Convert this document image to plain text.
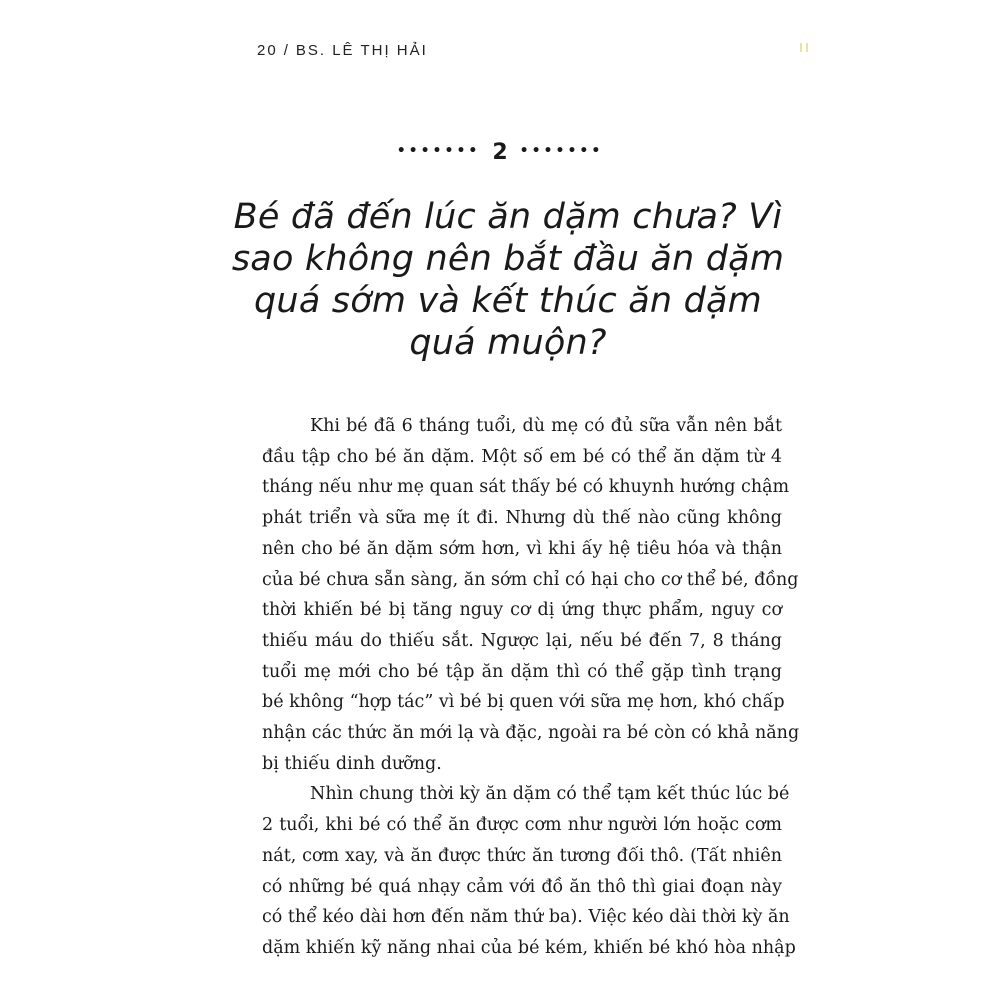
20 / BS. LÊ THỊ HẢI
••••••• 2 •••••••
Bé đã đến lúc ăn dặm chưa? Vì
sao không nên bắt đầu ăn dặm
quá sớm và kết thúc ăn dặm
quá muộn?
Khi bé đã 6 tháng tuổi, dù mẹ có đủ sữa vẫn nên bắt
đầu tập cho bé ăn dặm. Một số em bé có thể ăn dặm từ 4
tháng nếu như mẹ quan sát thấy bé có khuynh hướng chậm
phát triển và sữa mẹ ít đi. Nhưng dù thế nào cũng không
nên cho bé ăn dặm sớm hơn, vì khi ấy hệ tiêu hóa và thận
của bé chưa sẵn sàng, ăn sớm chỉ có hại cho cơ thể bé, đồng
thời khiến bé bị tăng nguy cơ dị ứng thực phẩm, nguy cơ
thiếu máu do thiếu sắt. Ngược lại, nếu bé đến 7, 8 tháng
tuổi mẹ mới cho bé tập ăn dặm thì có thể gặp tình trạng
bé không “hợp tác” vì bé bị quen với sữa mẹ hơn, khó chấp
nhận các thức ăn mới lạ và đặc, ngoài ra bé còn có khả năng
bị thiếu dinh dưỡng.
Nhìn chung thời kỳ ăn dặm có thể tạm kết thúc lúc bé
2 tuổi, khi bé có thể ăn được cơm như người lớn hoặc cơm
nát, cơm xay, và ăn được thức ăn tương đối thô. (Tất nhiên
có những bé quá nhạy cảm với đồ ăn thô thì giai đoạn này
có thể kéo dài hơn đến năm thứ ba). Việc kéo dài thời kỳ ăn
dặm khiến kỹ năng nhai của bé kém, khiến bé khó hòa nhập
